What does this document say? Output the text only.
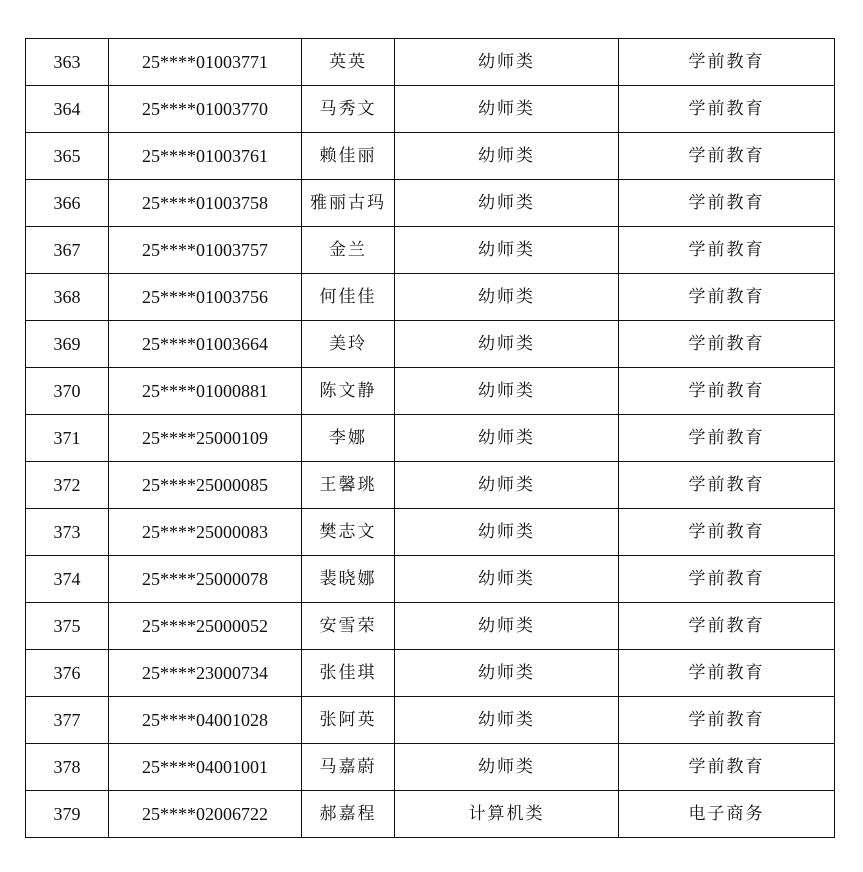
363	25****01003771	英英	幼师类	学前教育
364	25****01003770	马秀文	幼师类	学前教育
365	25****01003761	赖佳丽	幼师类	学前教育
366	25****01003758	雅丽古玛	幼师类	学前教育
367	25****01003757	金兰	幼师类	学前教育
368	25****01003756	何佳佳	幼师类	学前教育
369	25****01003664	美玲	幼师类	学前教育
370	25****01000881	陈文静	幼师类	学前教育
371	25****25000109	李娜	幼师类	学前教育
372	25****25000085	王馨珧	幼师类	学前教育
373	25****25000083	樊志文	幼师类	学前教育
374	25****25000078	裴晓娜	幼师类	学前教育
375	25****25000052	安雪荣	幼师类	学前教育
376	25****23000734	张佳琪	幼师类	学前教育
377	25****04001028	张阿英	幼师类	学前教育
378	25****04001001	马嘉蔚	幼师类	学前教育
379	25****02006722	郝嘉程	计算机类	电子商务
